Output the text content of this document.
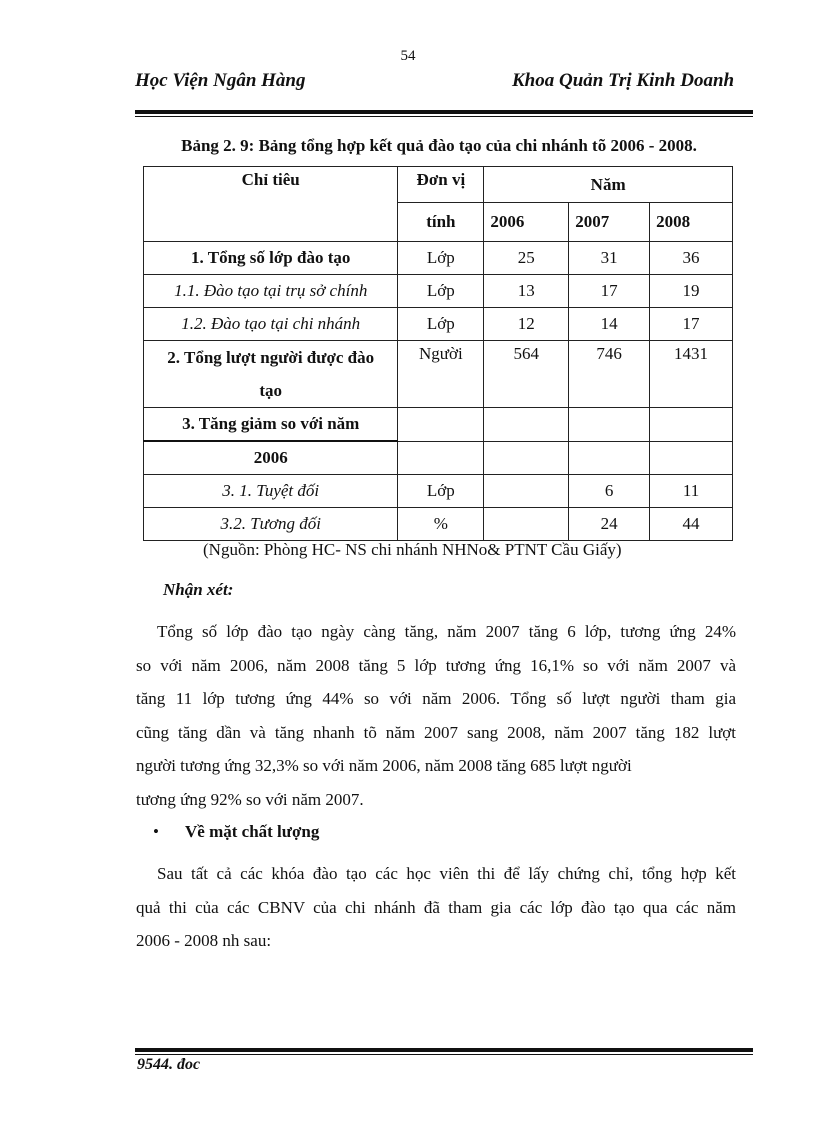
54
Học Viện Ngân Hàng	Khoa Quản Trị Kinh Doanh
Bảng 2. 9: Bảng tổng hợp kết quả đào tạo của chi nhánh tõ 2006 - 2008.
Chỉ tiêu	Đơn vị	Năm		
	tính	2006	2007	2008
1. Tổng số lớp đào tạo	Lớp	25	31	36
1.1. Đào tạo tại trụ sở chính	Lớp	13	17	19
1.2. Đào tạo tại chi nhánh	Lớp	12	14	17

2. Tổng lượt người được đào
tạo	Người	564	746	1431
3. Tăng giảm so với năm				
2006				
3. 1. Tuyệt đối	Lớp		6	11
3.2. Tương đối	%		24	44
(Nguồn: Phòng HC- NS chi nhánh NHNo& PTNT Cầu Giấy)
Nhận xét:
Tổng số lớp đào tạo ngày càng tăng, năm 2007 tăng 6 lớp, tương ứng 24%
so với năm 2006, năm 2008 tăng 5 lớp tương ứng 16,1% so với năm 2007 và
tăng 11 lớp tương ứng 44% so với năm 2006. Tổng số lượt người tham gia
cũng tăng dần và tăng nhanh tõ năm 2007 sang 2008, năm 2007 tăng 182 lượt
người tương ứng 32,3% so với năm 2006, năm 2008 tăng 685 lượt người
tương ứng 92% so với năm 2007.
• Về mặt chất lượng
Sau tất cả các khóa đào tạo các học viên thi để lấy chứng chỉ, tổng hợp kết
quả thi của các CBNV của chi nhánh đã tham gia các lớp đào tạo qua các năm
2006 - 2008 nh sau:
9544. đoc
